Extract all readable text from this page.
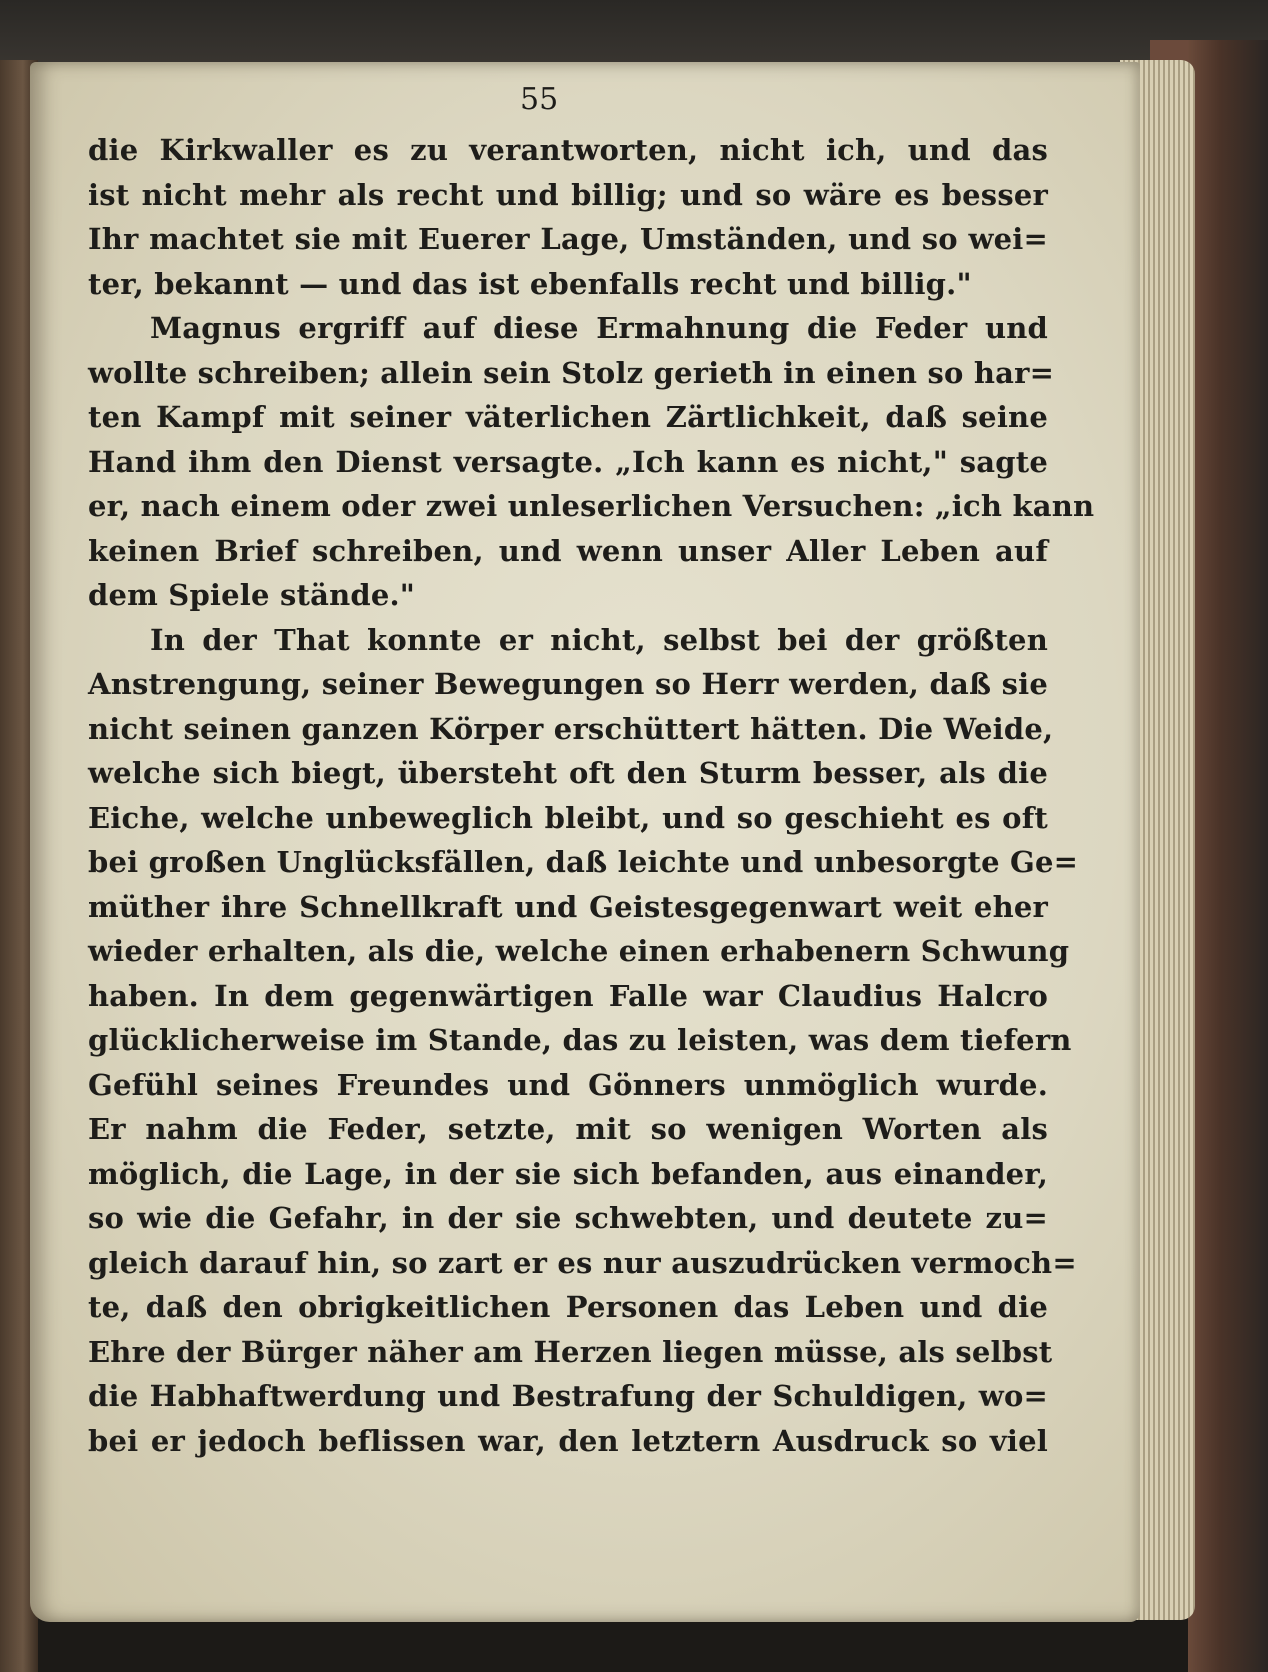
55
die Kirkwaller es zu verantworten, nicht ich, und das
ist nicht mehr als recht und billig; und so wäre es besser
Ihr machtet sie mit Euerer Lage, Umständen, und so wei=
ter, bekannt — und das ist ebenfalls recht und billig."
Magnus ergriff auf diese Ermahnung die Feder und
wollte schreiben; allein sein Stolz gerieth in einen so har=
ten Kampf mit seiner väterlichen Zärtlichkeit, daß seine
Hand ihm den Dienst versagte. „Ich kann es nicht," sagte
er, nach einem oder zwei unleserlichen Versuchen: „ich kann
keinen Brief schreiben, und wenn unser Aller Leben auf
dem Spiele stände."
In der That konnte er nicht, selbst bei der größten
Anstrengung, seiner Bewegungen so Herr werden, daß sie
nicht seinen ganzen Körper erschüttert hätten. Die Weide,
welche sich biegt, übersteht oft den Sturm besser, als die
Eiche, welche unbeweglich bleibt, und so geschieht es oft
bei großen Unglücksfällen, daß leichte und unbesorgte Ge=
müther ihre Schnellkraft und Geistesgegenwart weit eher
wieder erhalten, als die, welche einen erhabenern Schwung
haben. In dem gegenwärtigen Falle war Claudius Halcro
glücklicherweise im Stande, das zu leisten, was dem tiefern
Gefühl seines Freundes und Gönners unmöglich wurde.
Er nahm die Feder, setzte, mit so wenigen Worten als
möglich, die Lage, in der sie sich befanden, aus einander,
so wie die Gefahr, in der sie schwebten, und deutete zu=
gleich darauf hin, so zart er es nur auszudrücken vermoch=
te, daß den obrigkeitlichen Personen das Leben und die
Ehre der Bürger näher am Herzen liegen müsse, als selbst
die Habhaftwerdung und Bestrafung der Schuldigen, wo=
bei er jedoch beflissen war, den letztern Ausdruck so viel
